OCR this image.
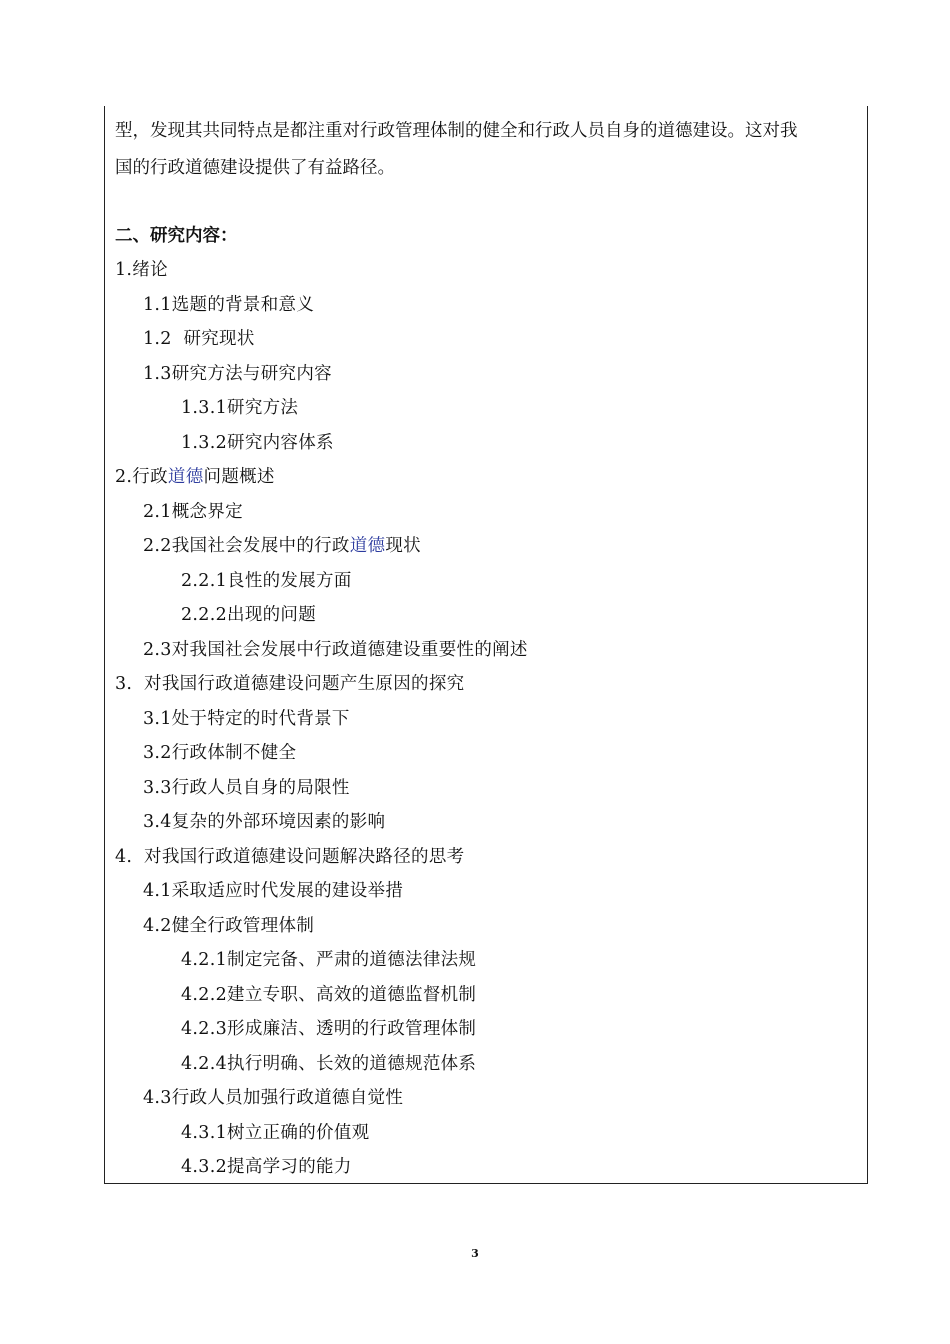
型，发现其共同特点是都注重对行政管理体制的健全和行政人员自身的道德建设。这对我

国的行政道德建设提供了有益路径。

二、研究内容：
1.绪论
1.1选题的背景和意义
1.2  研究现状
1.3研究方法与研究内容
1.3.1研究方法
1.3.2研究内容体系
2.行政道德问题概述
2.1概念界定
2.2我国社会发展中的行政道德现状
2.2.1良性的发展方面
2.2.2出现的问题
2.3对我国社会发展中行政道德建设重要性的阐述
3.  对我国行政道德建设问题产生原因的探究
3.1处于特定的时代背景下
3.2行政体制不健全
3.3行政人员自身的局限性
3.4复杂的外部环境因素的影响
4.  对我国行政道德建设问题解决路径的思考
4.1采取适应时代发展的建设举措
4.2健全行政管理体制
4.2.1制定完备、严肃的道德法律法规
4.2.2建立专职、高效的道德监督机制
4.2.3形成廉洁、透明的行政管理体制
4.2.4执行明确、长效的道德规范体系
4.3行政人员加强行政道德自觉性
4.3.1树立正确的价值观
4.3.2提高学习的能力
3
